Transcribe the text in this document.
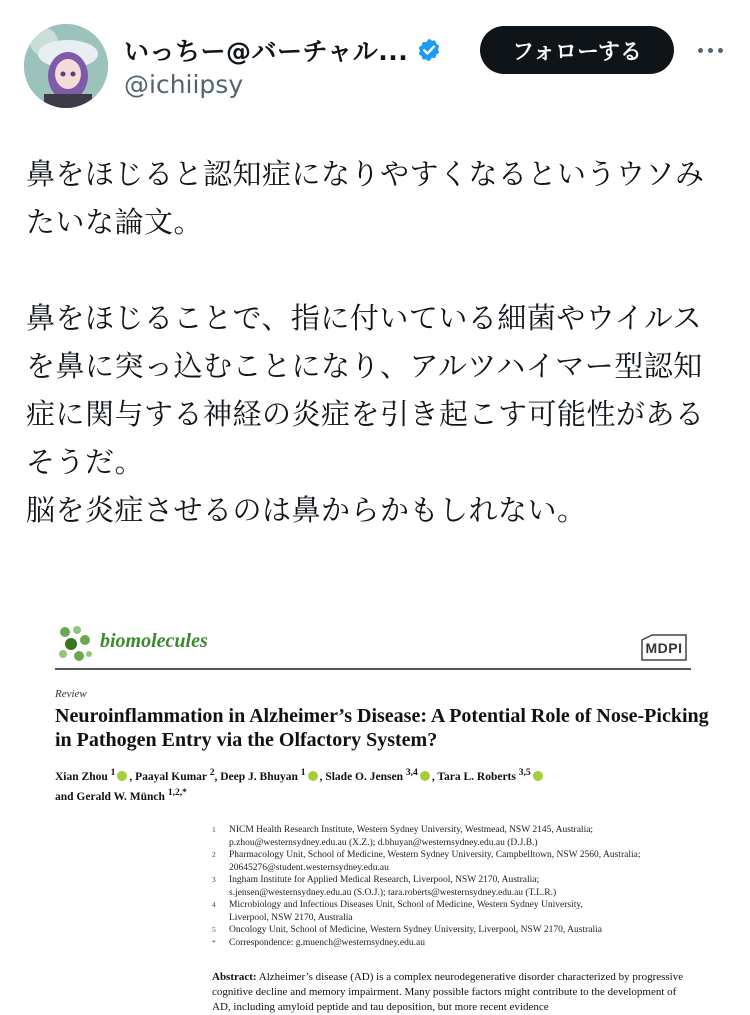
いっちー@バーチャル...
@ichiipsy
フォローする

鼻をほじると認知症になりやすくなるというウソみ

たいな論文。

鼻をほじることで、指に付いている細菌やウイルス

を鼻に突っ込むことになり、アルツハイマー型認知

症に関与する神経の炎症を引き起こす可能性がある

そうだ。

脳を炎症させるのは鼻からかもしれない。

biomolecules	MDPI
Review
Neuroinflammation in Alzheimer’s Disease: A Potential Role of Nose-Picking in Pathogen Entry via the Olfactory System?
Xian Zhou $^1$ , Paayal Kumar $^2$, Deep J. Bhuyan $^1$ , Slade O. Jensen $^{3,4}$ , Tara L. Roberts $^{3,5}$
and Gerald W. Münch $^{1,2,*}$
1	NICM Health Research Institute, Western Sydney University, Westmead, NSW 2145, Australia;
p.zhou@westernsydney.edu.au (X.Z.); d.bhuyan@westernsydney.edu.au (D.J.B.)
2	Pharmacology Unit, School of Medicine, Western Sydney University, Campbelltown, NSW 2560, Australia;
20645276@student.westernsydney.edu.au
3	Ingham Institute for Applied Medical Research, Liverpool, NSW 2170, Australia;
s.jensen@westernsydney.edu.au (S.O.J.); tara.roberts@westernsydney.edu.au (T.L.R.)
4	Microbiology and Infectious Diseases Unit, School of Medicine, Western Sydney University,
Liverpool, NSW 2170, Australia
5	Oncology Unit, School of Medicine, Western Sydney University, Liverpool, NSW 2170, Australia
*	Correspondence: g.muench@westernsydney.edu.au
Abstract: Alzheimer’s disease (AD) is a complex neurodegenerative disorder characterized by progressive cognitive decline and memory impairment. Many possible factors might contribute to the development of AD, including amyloid peptide and tau deposition, but more recent evidence
